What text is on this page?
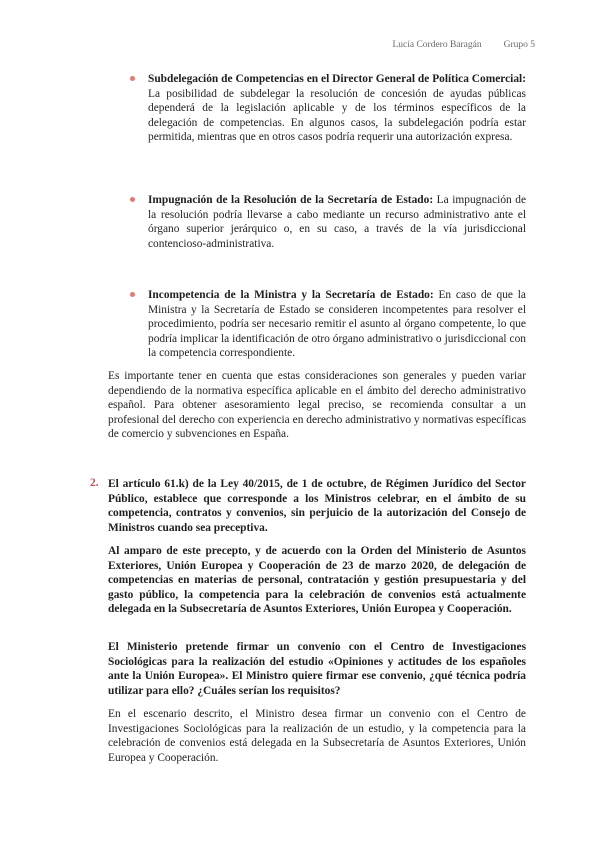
Lucía Cordero Baragán Grupo 5

Subdelegación de Competencias en el Director General de Política Comercial: La posibilidad de subdelegar la resolución de concesión de ayudas públicas dependerá de la legislación aplicable y de los términos específicos de la delegación de competencias. En algunos casos, la subdelegación podría estar permitida, mientras que en otros casos podría requerir una autorización expresa.

Impugnación de la Resolución de la Secretaría de Estado: La impugnación de la resolución podría llevarse a cabo mediante un recurso administrativo ante el órgano superior jerárquico o, en su caso, a través de la vía jurisdiccional contencioso-administrativa.

Incompetencia de la Ministra y la Secretaría de Estado: En caso de que la Ministra y la Secretaría de Estado se consideren incompetentes para resolver el procedimiento, podría ser necesario remitir el asunto al órgano competente, lo que podría implicar la identificación de otro órgano administrativo o jurisdiccional con la competencia correspondiente.

Es importante tener en cuenta que estas consideraciones son generales y pueden variar dependiendo de la normativa específica aplicable en el ámbito del derecho administrativo español. Para obtener asesoramiento legal preciso, se recomienda consultar a un profesional del derecho con experiencia en derecho administrativo y normativas específicas de comercio y subvenciones en España.

2. El artículo 61.k) de la Ley 40/2015, de 1 de octubre, de Régimen Jurídico del Sector Público, establece que corresponde a los Ministros celebrar, en el ámbito de su competencia, contratos y convenios, sin perjuicio de la autorización del Consejo de Ministros cuando sea preceptiva.

Al amparo de este precepto, y de acuerdo con la Orden del Ministerio de Asuntos Exteriores, Unión Europea y Cooperación de 23 de marzo 2020, de delegación de competencias en materias de personal, contratación y gestión presupuestaria y del gasto público, la competencia para la celebración de convenios está actualmente delegada en la Subsecretaría de Asuntos Exteriores, Unión Europea y Cooperación.

El Ministerio pretende firmar un convenio con el Centro de Investigaciones Sociológicas para la realización del estudio «Opiniones y actitudes de los españoles ante la Unión Europea». El Ministro quiere firmar ese convenio, ¿qué técnica podría utilizar para ello? ¿Cuáles serían los requisitos?

En el escenario descrito, el Ministro desea firmar un convenio con el Centro de Investigaciones Sociológicas para la realización de un estudio, y la competencia para la celebración de convenios está delegada en la Subsecretaría de Asuntos Exteriores, Unión Europea y Cooperación.
